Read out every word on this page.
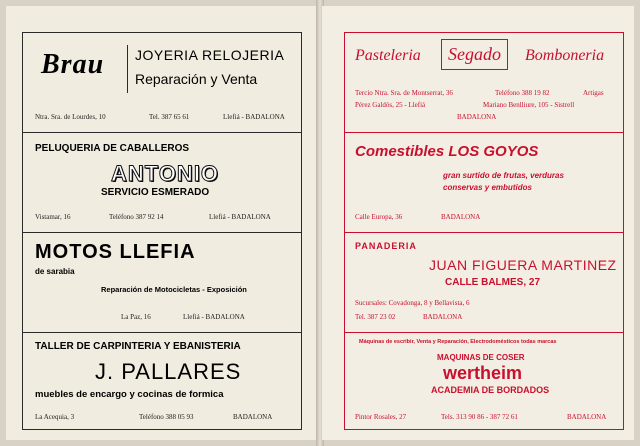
Brau JOYERIA RELOJERIA
Reparación y Venta
Ntra. Sra. de Lourdes, 10	Tel. 387 65 61	Llefiá - BADALONA
PELUQUERIA DE CABALLEROS
ANTONIO
SERVICIO ESMERADO
Vistamar, 16	Teléfono 387 92 14	Llefiá - BADALONA
MOTOS LLEFIA
de sarabia
Reparación de Motocicletas - Exposición
La Paz, 16	Llefiá - BADALONA
TALLER DE CARPINTERIA Y EBANISTERIA
J. PALLARES
muebles de encargo y cocinas de formica
La Acequia, 3	Teléfono 388 05 93	BADALONA
Pasteleria	Segado	Bomboneria
Tercio Ntra. Sra. de Montserrat, 36	Teléfono 388 19 82	Artigas
Pérez Galdós, 25 - Llefiá	Mariano Benlliure, 105 - Sistrell
BADALONA
Comestibles LOS GOYOS
gran surtido de frutas, verduras
conservas y embutidos
Calle Europa, 36	BADALONA
PANADERIA
JUAN FIGUERA MARTINEZ
CALLE BALMES, 27
Sucursales: Covadonga, 8 y Bellavista, 6
Tel. 387 23 02	BADALONA
Máquinas de escribir, Venta y Reparación, Electrodomésticos todas marcas
MAQUINAS DE COSER
wertheim
ACADEMIA DE BORDADOS
Pintor Rosales, 27	Tels. 313 90 86 - 387 72 61	BADALONA
